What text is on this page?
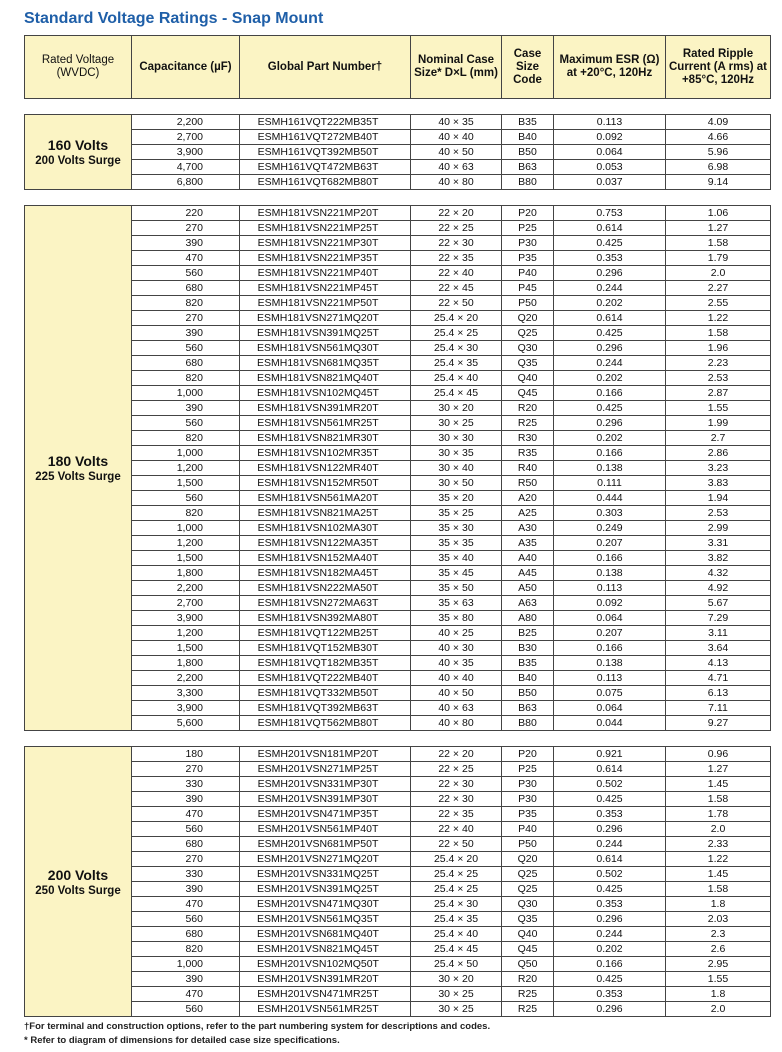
Standard Voltage Ratings - Snap Mount
Rated Voltage (WVDC)	Capacitance (µF)	Global Part Number†	Nominal Case Size* D×L (mm)	Case Size Code	Maximum ESR (Ω) at +20°C, 120Hz	Rated Ripple Current (A rms) at +85°C, 120Hz
160 Volts
200 Volts Surge	2,200	ESMH161VQT222MB35T	40 × 35	B35	0.113	4.09
	2,700	ESMH161VQT272MB40T	40 × 40	B40	0.092	4.66
	3,900	ESMH161VQT392MB50T	40 × 50	B50	0.064	5.96
	4,700	ESMH161VQT472MB63T	40 × 63	B63	0.053	6.98
	6,800	ESMH161VQT682MB80T	40 × 80	B80	0.037	9.14
180 Volts
225 Volts Surge	220	ESMH181VSN221MP20T	22 × 20	P20	0.753	1.06
	270	ESMH181VSN221MP25T	22 × 25	P25	0.614	1.27
	390	ESMH181VSN221MP30T	22 × 30	P30	0.425	1.58
	470	ESMH181VSN221MP35T	22 × 35	P35	0.353	1.79
	560	ESMH181VSN221MP40T	22 × 40	P40	0.296	2.0
	680	ESMH181VSN221MP45T	22 × 45	P45	0.244	2.27
	820	ESMH181VSN221MP50T	22 × 50	P50	0.202	2.55
	270	ESMH181VSN271MQ20T	25.4 × 20	Q20	0.614	1.22
	390	ESMH181VSN391MQ25T	25.4 × 25	Q25	0.425	1.58
	560	ESMH181VSN561MQ30T	25.4 × 30	Q30	0.296	1.96
	680	ESMH181VSN681MQ35T	25.4 × 35	Q35	0.244	2.23
	820	ESMH181VSN821MQ40T	25.4 × 40	Q40	0.202	2.53
	1,000	ESMH181VSN102MQ45T	25.4 × 45	Q45	0.166	2.87
	390	ESMH181VSN391MR20T	30 × 20	R20	0.425	1.55
	560	ESMH181VSN561MR25T	30 × 25	R25	0.296	1.99
	820	ESMH181VSN821MR30T	30 × 30	R30	0.202	2.7
	1,000	ESMH181VSN102MR35T	30 × 35	R35	0.166	2.86
	1,200	ESMH181VSN122MR40T	30 × 40	R40	0.138	3.23
	1,500	ESMH181VSN152MR50T	30 × 50	R50	0.111	3.83
	560	ESMH181VSN561MA20T	35 × 20	A20	0.444	1.94
	820	ESMH181VSN821MA25T	35 × 25	A25	0.303	2.53
	1,000	ESMH181VSN102MA30T	35 × 30	A30	0.249	2.99
	1,200	ESMH181VSN122MA35T	35 × 35	A35	0.207	3.31
	1,500	ESMH181VSN152MA40T	35 × 40	A40	0.166	3.82
	1,800	ESMH181VSN182MA45T	35 × 45	A45	0.138	4.32
	2,200	ESMH181VSN222MA50T	35 × 50	A50	0.113	4.92
	2,700	ESMH181VSN272MA63T	35 × 63	A63	0.092	5.67
	3,900	ESMH181VSN392MA80T	35 × 80	A80	0.064	7.29
	1,200	ESMH181VQT122MB25T	40 × 25	B25	0.207	3.11
	1,500	ESMH181VQT152MB30T	40 × 30	B30	0.166	3.64
	1,800	ESMH181VQT182MB35T	40 × 35	B35	0.138	4.13
	2,200	ESMH181VQT222MB40T	40 × 40	B40	0.113	4.71
	3,300	ESMH181VQT332MB50T	40 × 50	B50	0.075	6.13
	3,900	ESMH181VQT392MB63T	40 × 63	B63	0.064	7.11
	5,600	ESMH181VQT562MB80T	40 × 80	B80	0.044	9.27
200 Volts
250 Volts Surge	180	ESMH201VSN181MP20T	22 × 20	P20	0.921	0.96
	270	ESMH201VSN271MP25T	22 × 25	P25	0.614	1.27
	330	ESMH201VSN331MP30T	22 × 30	P30	0.502	1.45
	390	ESMH201VSN391MP30T	22 × 30	P30	0.425	1.58
	470	ESMH201VSN471MP35T	22 × 35	P35	0.353	1.78
	560	ESMH201VSN561MP40T	22 × 40	P40	0.296	2.0
	680	ESMH201VSN681MP50T	22 × 50	P50	0.244	2.33
	270	ESMH201VSN271MQ20T	25.4 × 20	Q20	0.614	1.22
	330	ESMH201VSN331MQ25T	25.4 × 25	Q25	0.502	1.45
	390	ESMH201VSN391MQ25T	25.4 × 25	Q25	0.425	1.58
	470	ESMH201VSN471MQ30T	25.4 × 30	Q30	0.353	1.8
	560	ESMH201VSN561MQ35T	25.4 × 35	Q35	0.296	2.03
	680	ESMH201VSN681MQ40T	25.4 × 40	Q40	0.244	2.3
	820	ESMH201VSN821MQ45T	25.4 × 45	Q45	0.202	2.6
	1,000	ESMH201VSN102MQ50T	25.4 × 50	Q50	0.166	2.95
	390	ESMH201VSN391MR20T	30 × 20	R20	0.425	1.55
	470	ESMH201VSN471MR25T	30 × 25	R25	0.353	1.8
	560	ESMH201VSN561MR25T	30 × 25	R25	0.296	2.0
†For terminal and construction options, refer to the part numbering system for descriptions and codes.
* Refer to diagram of dimensions for detailed case size specifications.
